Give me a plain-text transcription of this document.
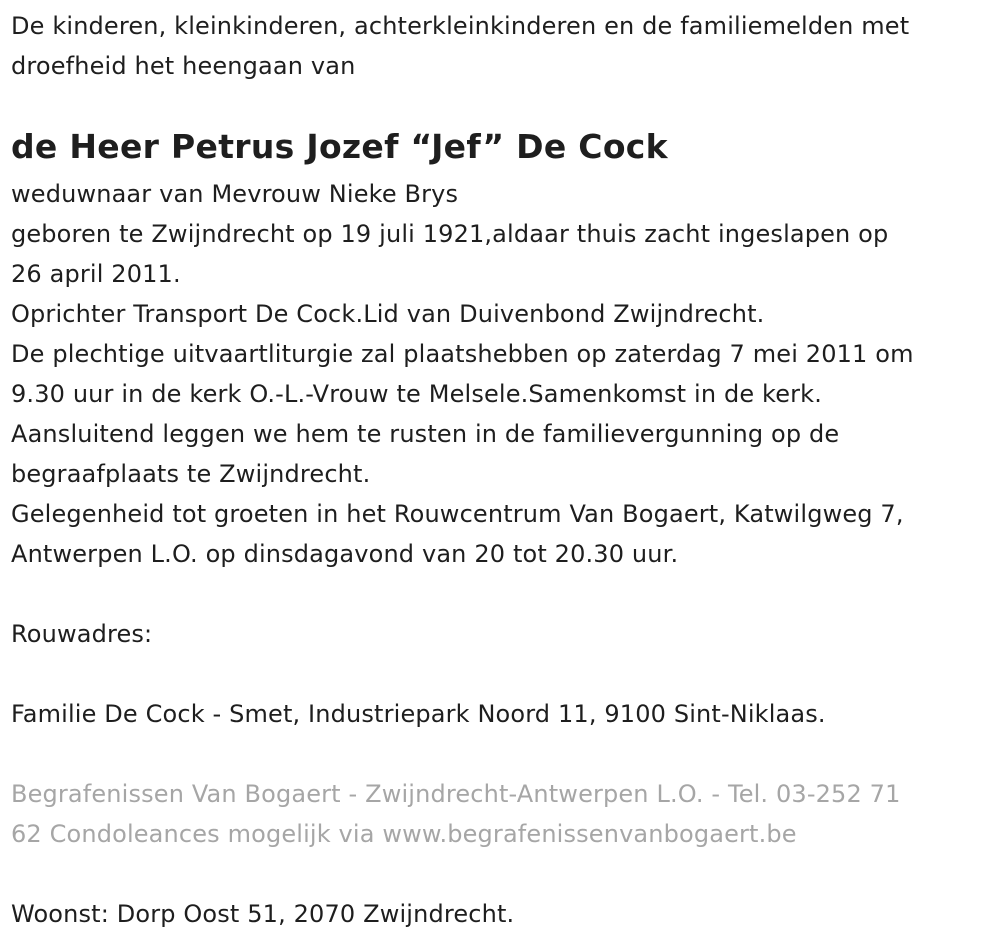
De kinderen, kleinkinderen, achterkleinkinderen en de familiemelden met
droefheid het heengaan van
de Heer Petrus Jozef “Jef” De Cock
weduwnaar van Mevrouw Nieke Brys
geboren te Zwijndrecht op 19 juli 1921,aldaar thuis zacht ingeslapen op
26 april 2011.
Oprichter Transport De Cock.Lid van Duivenbond Zwijndrecht.
De plechtige uitvaartliturgie zal plaatshebben op zaterdag 7 mei 2011 om
9.30 uur in de kerk O.-L.-Vrouw te Melsele.Samenkomst in de kerk.
Aansluitend leggen we hem te rusten in de familievergunning op de
begraafplaats te Zwijndrecht.
Gelegenheid tot groeten in het Rouwcentrum Van Bogaert, Katwilgweg 7,
Antwerpen L.O. op dinsdagavond van 20 tot 20.30 uur.
Rouwadres:
Familie De Cock - Smet, Industriepark Noord 11, 9100 Sint-Niklaas.
Begrafenissen Van Bogaert - Zwijndrecht-Antwerpen L.O. - Tel. 03-252 71
62 Condoleances mogelijk via www.begrafenissenvanbogaert.be
Woonst: Dorp Oost 51, 2070 Zwijndrecht.
